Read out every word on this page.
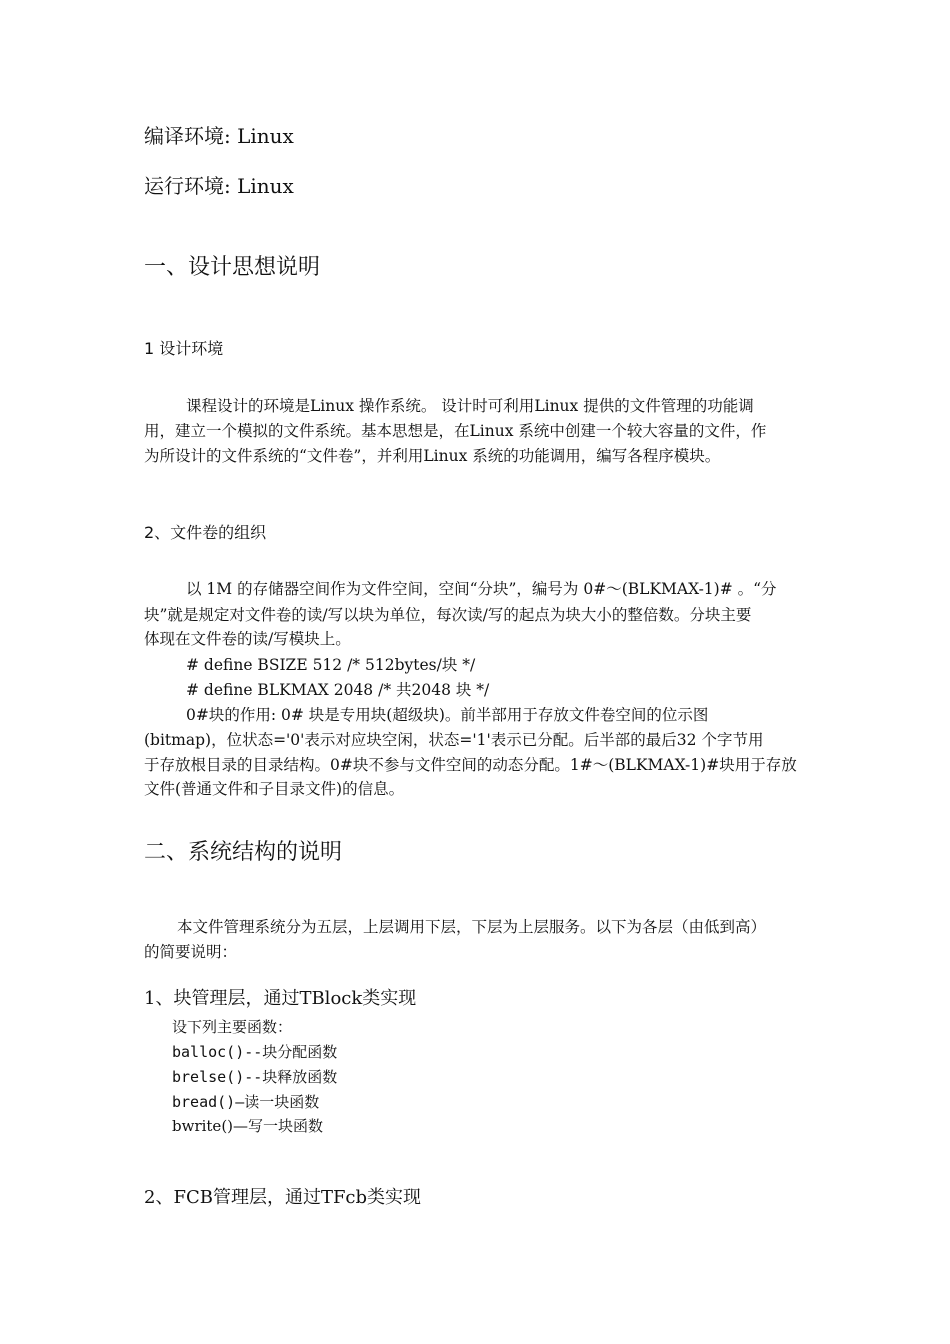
编译环境: Linux
运行环境: Linux
一、设计思想说明
1 设计环境
课程设计的环境是Linux 操作系统。 设计时可利用Linux 提供的文件管理的功能调
用，建立一个模拟的文件系统。基本思想是，在Linux 系统中创建一个较大容量的文件，作
为所设计的文件系统的“文件卷”，并利用Linux 系统的功能调用，编写各程序模块。
2、文件卷的组织
以 1M 的存储器空间作为文件空间，空间“分块”，编号为 0#～(BLKMAX-1)# 。“分
块”就是规定对文件卷的读/写以块为单位，每次读/写的起点为块大小的整倍数。分块主要
体现在文件卷的读/写模块上。
# define BSIZE 512 /* 512bytes/块 */
# define BLKMAX 2048 /* 共2048 块 */
0#块的作用: 0# 块是专用块(超级块)。前半部用于存放文件卷空间的位示图
(bitmap)，位状态='0'表示对应块空闲，状态='1'表示已分配。后半部的最后32 个字节用
于存放根目录的目录结构。0#块不参与文件空间的动态分配。1#～(BLKMAX-1)#块用于存放
文件(普通文件和子目录文件)的信息。
二、系统结构的说明
本文件管理系统分为五层，上层调用下层，下层为上层服务。以下为各层（由低到高）
的简要说明：
1、块管理层，通过TBlock类实现
设下列主要函数：
balloc()--块分配函数
brelse()--块释放函数
bread()—读一块函数
bwrite()—写一块函数
2、FCB管理层，通过TFcb类实现
